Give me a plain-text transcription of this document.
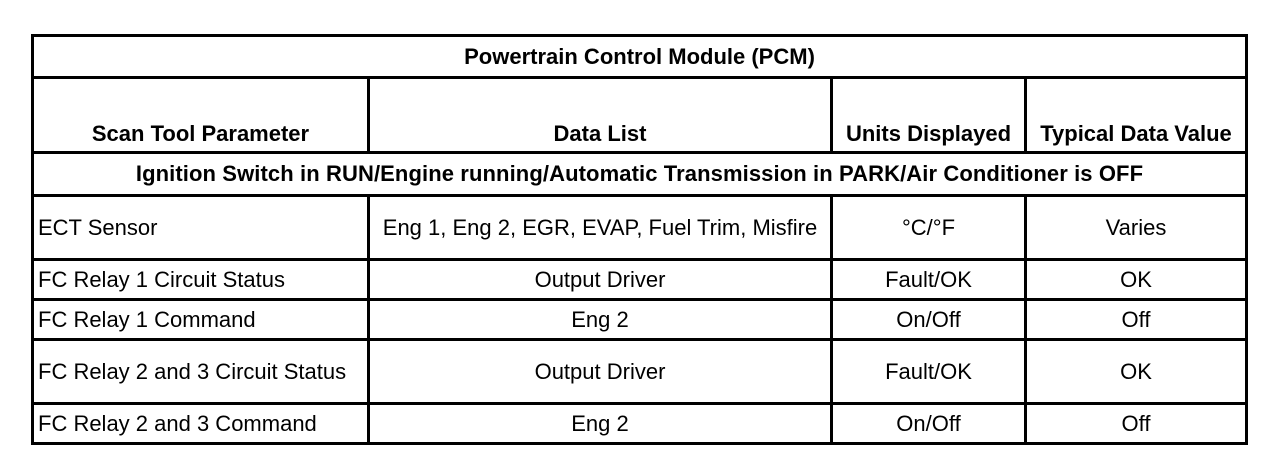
Powertrain Control Module (PCM)			
Scan Tool Parameter	Data List	Units Displayed	Typical Data Value
Ignition Switch in RUN/Engine running/Automatic Transmission in PARK/Air Conditioner is OFF			
ECT Sensor	Eng 1, Eng 2, EGR, EVAP, Fuel Trim, Misfire	°C/°F	Varies
FC Relay 1 Circuit Status	Output Driver	Fault/OK	OK
FC Relay 1 Command	Eng 2	On/Off	Off
FC Relay 2 and 3 Circuit Status	Output Driver	Fault/OK	OK
FC Relay 2 and 3 Command	Eng 2	On/Off	Off
